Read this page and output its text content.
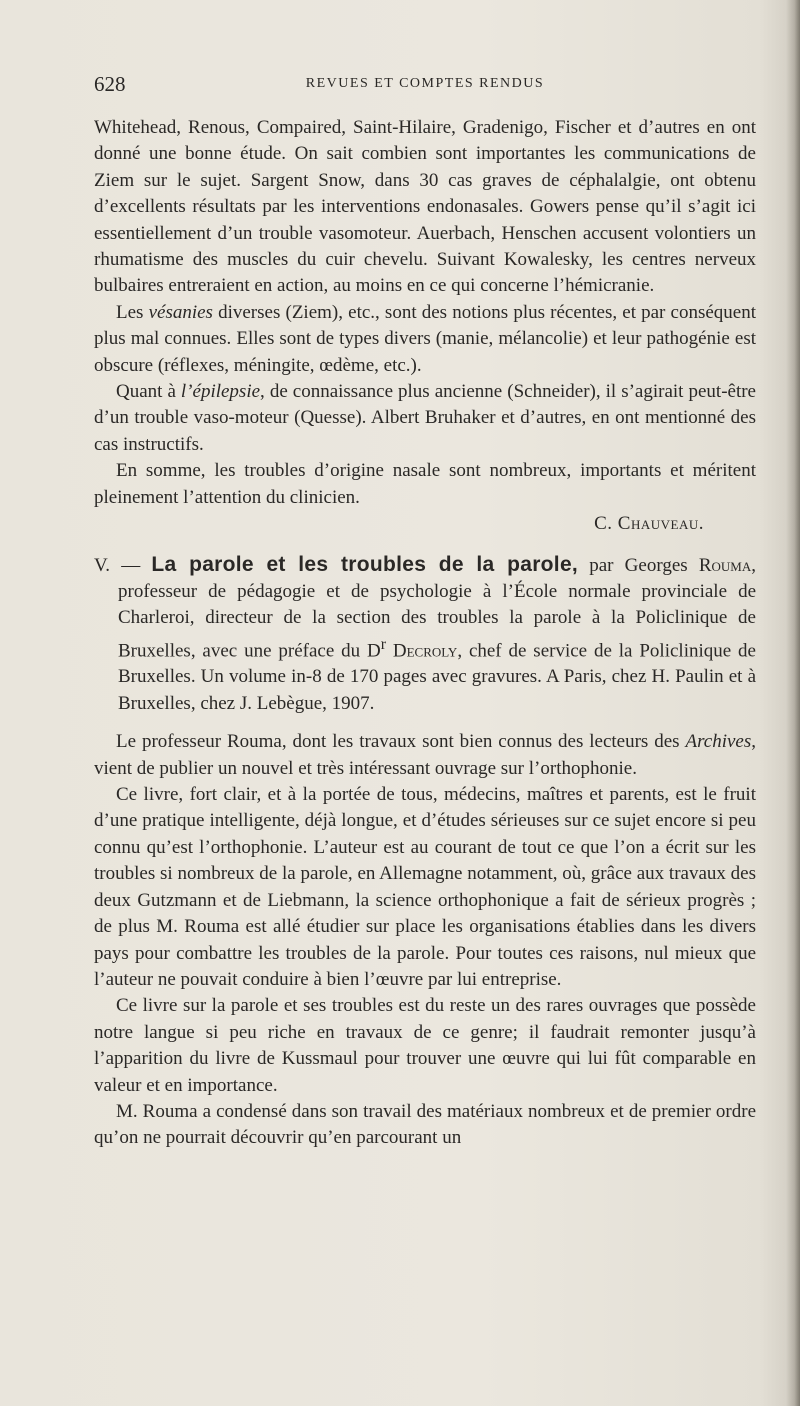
628	REVUES ET COMPTES RENDUS

Whitehead, Renous, Compaired, Saint-Hilaire, Gradenigo, Fischer et d’autres en ont donné une bonne étude. On sait combien sont importantes les communications de Ziem sur le sujet. Sargent Snow, dans 30 cas graves de céphalalgie, ont obtenu d’excellents résultats par les interventions endonasales. Gowers pense qu’il s’agit ici essentiellement d’un trouble vasomoteur. Auerbach, Henschen accusent volontiers un rhumatisme des muscles du cuir chevelu. Suivant Kowalesky, les centres nerveux bulbaires entreraient en action, au moins en ce qui concerne l’hémicranie.

Les vésanies diverses (Ziem), etc., sont des notions plus récentes, et par conséquent plus mal connues. Elles sont de types divers (manie, mélancolie) et leur pathogénie est obscure (réflexes, méningite, œdème, etc.).

Quant à l’épilepsie, de connaissance plus ancienne (Schneider), il s’agirait peut-être d’un trouble vaso-moteur (Quesse). Albert Bruhaker et d’autres, en ont mentionné des cas instructifs.

En somme, les troubles d’origine nasale sont nombreux, importants et méritent pleinement l’attention du clinicien.

C. Chauveau.

V. — La parole et les troubles de la parole, par Georges Rouma, professeur de pédagogie et de psychologie à l’École normale provinciale de Charleroi, directeur de la section des troubles la parole à la Policlinique de Bruxelles, avec une préface du $D^r$ Decroly, chef de service de la Policlinique de Bruxelles. Un volume in-8 de 170 pages avec gravures. A Paris, chez H. Paulin et à Bruxelles, chez J. Lebègue, 1907.

Le professeur Rouma, dont les travaux sont bien connus des lecteurs des Archives, vient de publier un nouvel et très intéressant ouvrage sur l’orthophonie.

Ce livre, fort clair, et à la portée de tous, médecins, maîtres et parents, est le fruit d’une pratique intelligente, déjà longue, et d’études sérieuses sur ce sujet encore si peu connu qu’est l’orthophonie. L’auteur est au courant de tout ce que l’on a écrit sur les troubles si nombreux de la parole, en Allemagne notamment, où, grâce aux travaux des deux Gutzmann et de Liebmann, la science orthophonique a fait de sérieux progrès ; de plus M. Rouma est allé étudier sur place les organisations établies dans les divers pays pour combattre les troubles de la parole. Pour toutes ces raisons, nul mieux que l’auteur ne pouvait conduire à bien l’œuvre par lui entreprise.

Ce livre sur la parole et ses troubles est du reste un des rares ouvrages que possède notre langue si peu riche en travaux de ce genre; il faudrait remonter jusqu’à l’apparition du livre de Kussmaul pour trouver une œuvre qui lui fût comparable en valeur et en importance.

M. Rouma a condensé dans son travail des matériaux nombreux et de premier ordre qu’on ne pourrait découvrir qu’en parcourant un
